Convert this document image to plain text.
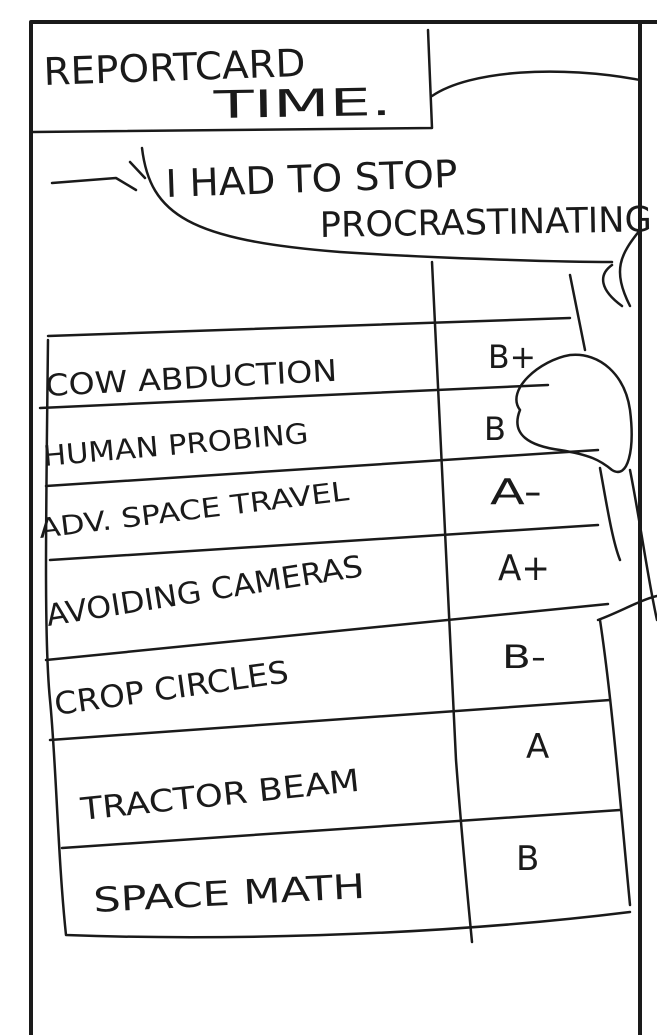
REPORTCARD
TIME.
I HAD TO STOP
PROCRASTINATING
COW ABDUCTION
HUMAN PROBING
ADV. SPACE TRAVEL
AVOIDING CAMERAS
CROP CIRCLES
TRACTOR BEAM
SPACE MATH
B+
B
A-
A+
B-
A
B
